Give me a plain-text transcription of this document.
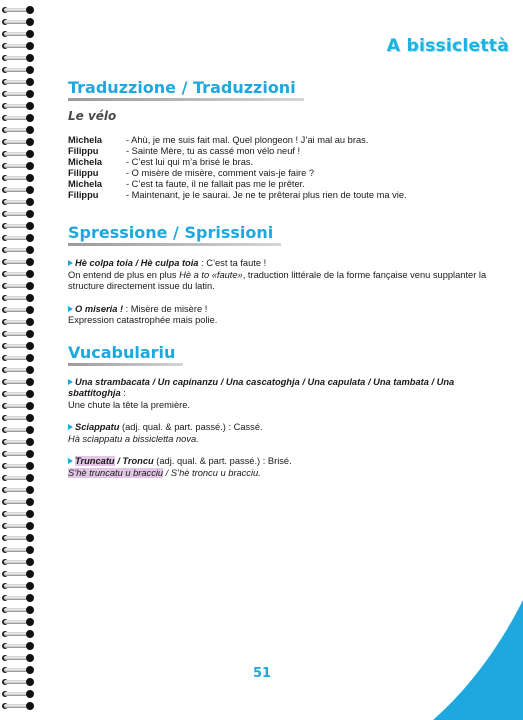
A bissiclettà
Traduzzione / Traduzzioni
Le vélo
Michela	- Ahù, je me suis fait mal. Quel plongeon ! J’ai mal au bras.
Filippu	- Sainte Mère, tu as cassé mon vélo neuf !
Michela	- C’est lui qui m’a brisé le bras.
Filippu	- O misère de misère, comment vais-je faire ?
Michela	- C’est ta faute, il ne fallait pas me le prêter.
Filippu	- Maintenant, je le saurai. Je ne te prêterai plus rien de toute ma vie.
Spressione / Sprissioni

Hè colpa toia / Hè culpa toia : C’est ta faute !
On entend de plus en plus Hè a to «faute», traduction littérale de la forme fançaise venu supplanter la structure directement issue du latin.

O miseria ! : Misère de misère !
Expression catastrophée mais polie.

Vucabulariu

Una strambacata / Un capinanzu / Una cascatoghja / Una capulata / Una tambata / Una sbattitoghja :
Une chute la tête la première.

Sciappatu (adj. qual. & part. passé.) : Cassé.
Hà sciappatu a bissicletta nova.

Truncatu / Troncu (adj. qual. & part. passé.) : Brisé.
S’hè truncatu u bracciu / S’hè troncu u bracciu.

51
